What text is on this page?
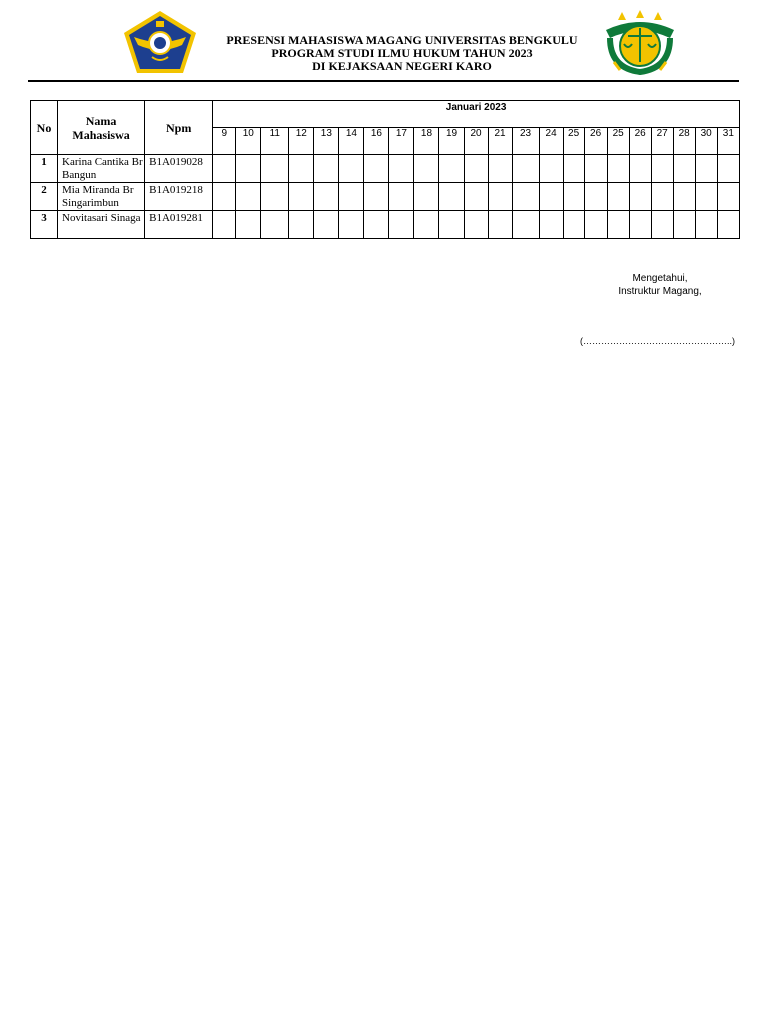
PRESENSI MAHASISWA MAGANG UNIVERSITAS BENGKULU
PROGRAM STUDI ILMU HUKUM TAHUN 2023
DI KEJAKSAAN NEGERI KARO
No	Nama Mahasiswa	Npm	Januari 2023																					
			9	10	11	12	13	14	16	17	18	19	20	21	23	24	25	26	25	26	27	28	30	31
1	Karina Cantika Br Bangun	B1A019028																						
2	Mia Miranda Br Singarimbun	B1A019218																						
3	Novitasari Sinaga	B1A019281																						
Mengetahui,
Instruktur Magang,
(…………………………………………..)
